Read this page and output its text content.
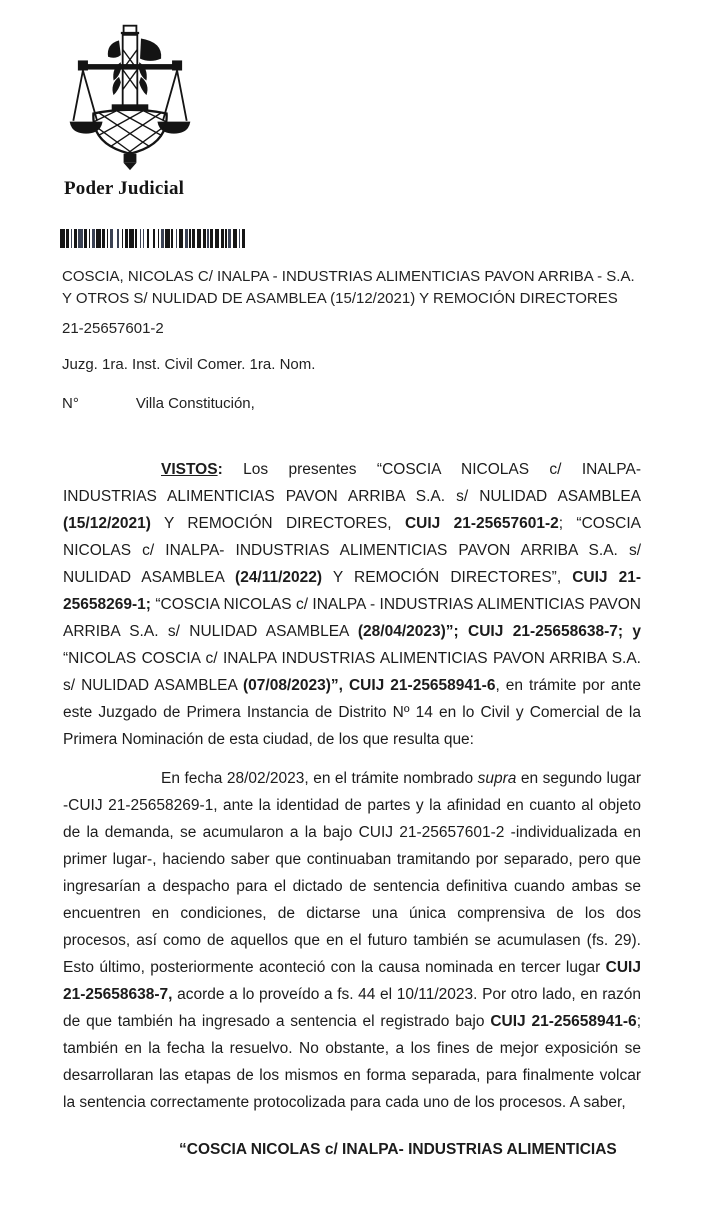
Poder Judicial
COSCIA, NICOLAS C/ INALPA - INDUSTRIAS ALIMENTICIAS PAVON ARRIBA - S.A. Y OTROS S/ NULIDAD DE ASAMBLEA (15/12/2021) Y REMOCIÓN DIRECTORES
21-25657601-2
Juzg. 1ra. Inst. Civil Comer. 1ra. Nom.
N°	Villa Constitución,

VISTOS: Los presentes “COSCIA NICOLAS c/ INALPA- INDUSTRIAS ALIMENTICIAS PAVON ARRIBA S.A. s/ NULIDAD ASAMBLEA (15/12/2021) Y REMOCIÓN DIRECTORES, CUIJ 21-25657601-2; “COSCIA NICOLAS c/ INALPA- INDUSTRIAS ALIMENTICIAS PAVON ARRIBA S.A. s/ NULIDAD ASAMBLEA (24/11/2022) Y REMOCIÓN DIRECTORES”, CUIJ 21-25658269-1; “COSCIA NICOLAS c/ INALPA - INDUSTRIAS ALIMENTICIAS PAVON ARRIBA S.A. s/ NULIDAD ASAMBLEA (28/04/2023)”; CUIJ 21-25658638-7; y “NICOLAS COSCIA c/ INALPA INDUSTRIAS ALIMENTICIAS PAVON ARRIBA S.A. s/ NULIDAD ASAMBLEA (07/08/2023)”, CUIJ 21-25658941-6, en trámite por ante este Juzgado de Primera Instancia de Distrito Nº 14 en lo Civil y Comercial de la Primera Nominación de esta ciudad, de los que resulta que:

En fecha 28/02/2023, en el trámite nombrado supra en segundo lugar -CUIJ 21-25658269-1, ante la identidad de partes y la afinidad en cuanto al objeto de la demanda, se acumularon a la bajo CUIJ 21-25657601-2 -individualizada en primer lugar-, haciendo saber que continuaban tramitando por separado, pero que ingresarían a despacho para el dictado de sentencia definitiva cuando ambas se encuentren en condiciones, de dictarse una única comprensiva de los dos procesos, así como de aquellos que en el futuro también se acumulasen (fs. 29). Esto último, posteriormente aconteció con la causa nominada en tercer lugar CUIJ 21-25658638-7, acorde a lo proveído a fs. 44 el 10/11/2023. Por otro lado, en razón de que también ha ingresado a sentencia el registrado bajo CUIJ 21-25658941-6; también en la fecha la resuelvo. No obstante, a los fines de mejor exposición se desarrollaran las etapas de los mismos en forma separada, para finalmente volcar la sentencia correctamente protocolizada para cada uno de los procesos. A saber,

“COSCIA NICOLAS c/ INALPA- INDUSTRIAS ALIMENTICIAS
